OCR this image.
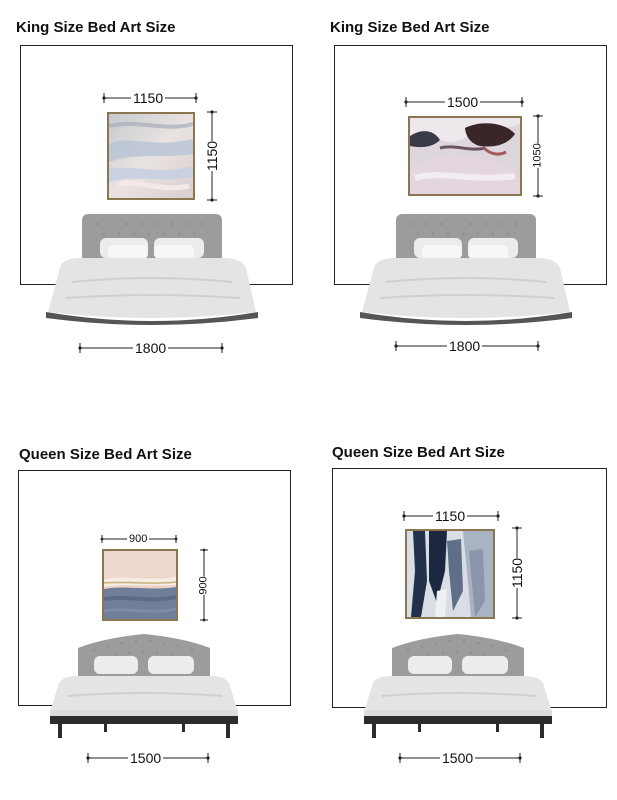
King Size Bed Art Size
1150
1150
1800
King Size Bed Art Size
1500
1050
1800
Queen Size Bed Art Size
900
900
1500
Queen Size Bed Art Size
1150
1150
1500
